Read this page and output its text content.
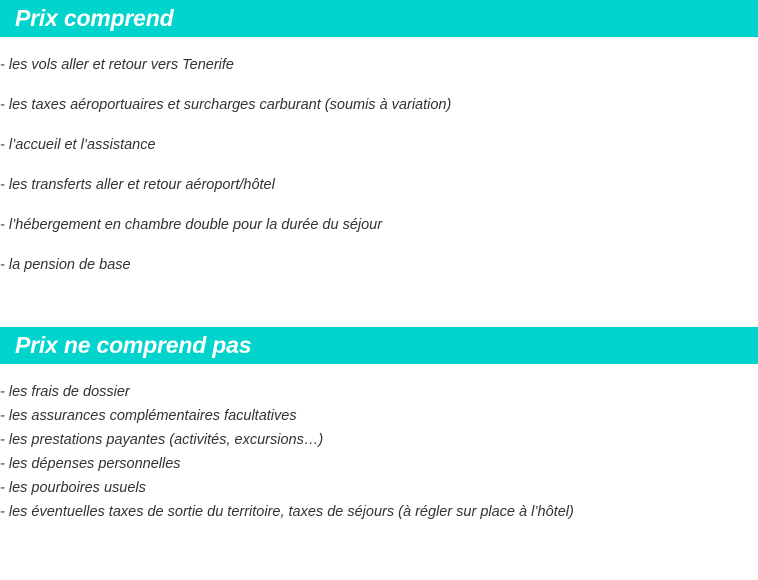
Prix comprend
- les vols aller et retour vers Tenerife
- les taxes aéroportuaires et surcharges carburant (soumis à variation)
- l’accueil et l’assistance
- les transferts aller et retour aéroport/hôtel
- l’hébergement en chambre double pour la durée du séjour
- la pension de base
Prix ne comprend pas
- les frais de dossier
- les assurances complémentaires facultatives
- les prestations payantes (activités, excursions…)
- les dépenses personnelles
- les pourboires usuels
- les éventuelles taxes de sortie du territoire, taxes de séjours (à régler sur place à l’hôtel)
